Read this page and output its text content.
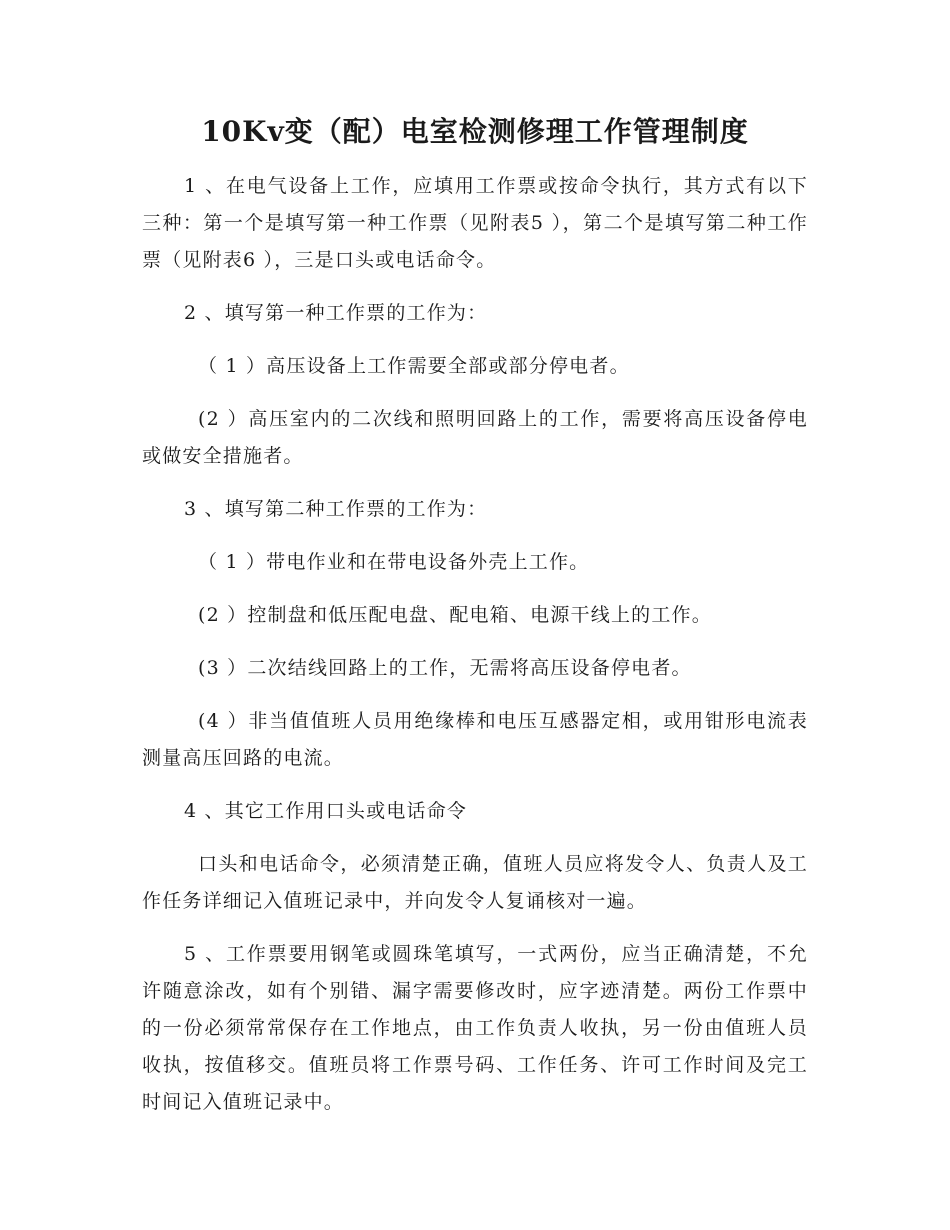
10Kv变（配）电室检测修理工作管理制度

1 、在电气设备上工作，应填用工作票或按命令执行，其方式有以下三种：第一个是填写第一种工作票（见附表5 ），第二个是填写第二种工作票（见附表6 ），三是口头或电话命令。

2 、填写第一种工作票的工作为：

（ 1 ）高压设备上工作需要全部或部分停电者。

(2 ）高压室内的二次线和照明回路上的工作，需要将高压设备停电或做安全措施者。

3 、填写第二种工作票的工作为：

（ 1 ）带电作业和在带电设备外壳上工作。

(2 ）控制盘和低压配电盘、配电箱、电源干线上的工作。

(3 ）二次结线回路上的工作，无需将高压设备停电者。

(4 ）非当值值班人员用绝缘棒和电压互感器定相，或用钳形电流表测量高压回路的电流。

4 、其它工作用口头或电话命令

口头和电话命令，必须清楚正确，值班人员应将发令人、负责人及工作任务详细记入值班记录中，并向发令人复诵核对一遍。

5 、工作票要用钢笔或圆珠笔填写，一式两份，应当正确清楚，不允许随意涂改，如有个别错、漏字需要修改时，应字迹清楚。两份工作票中的一份必须常常保存在工作地点，由工作负责人收执，另一份由值班人员收执，按值移交。值班员将工作票号码、工作任务、许可工作时间及完工时间记入值班记录中。
